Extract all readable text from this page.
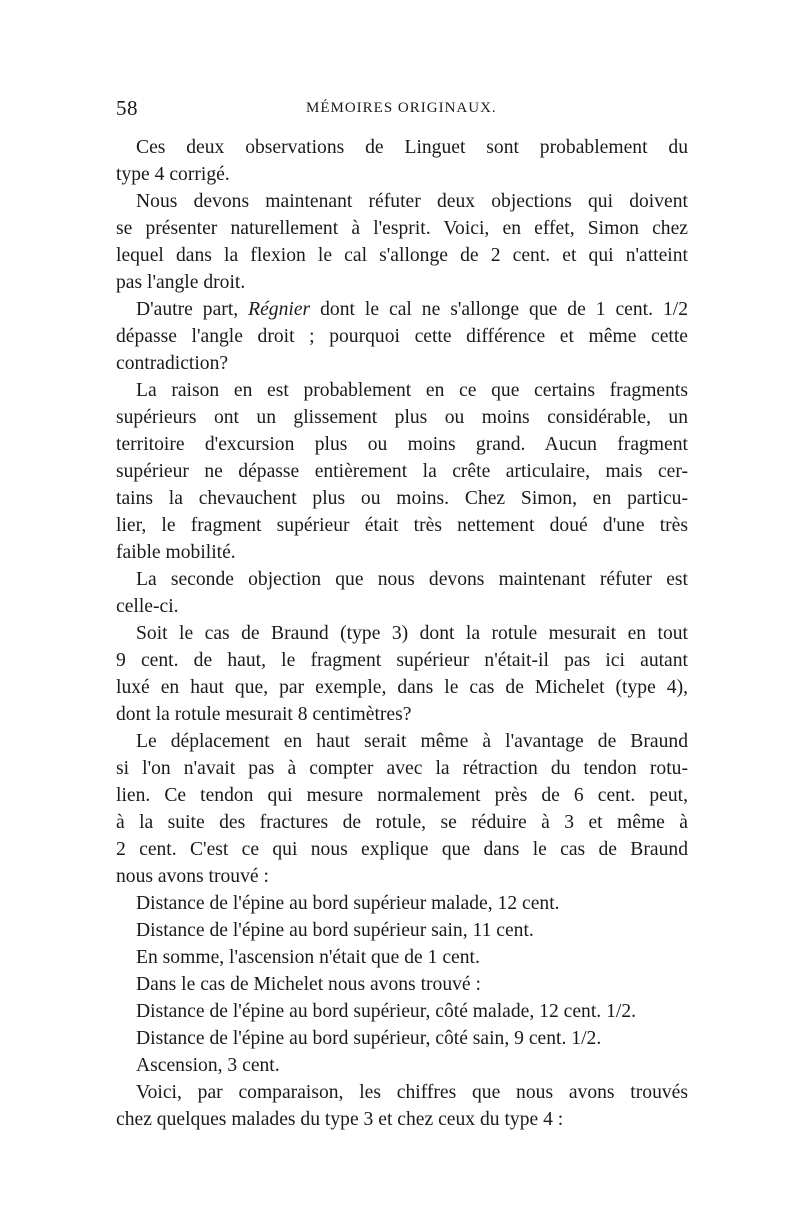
58	MÉMOIRES ORIGINAUX.
Ces deux observations de Linguet sont probablement du
type 4 corrigé.
Nous devons maintenant réfuter deux objections qui doivent
se présenter naturellement à l'esprit. Voici, en effet, Simon chez
lequel dans la flexion le cal s'allonge de 2 cent. et qui n'atteint
pas l'angle droit.
D'autre part, Régnier dont le cal ne s'allonge que de 1 cent. 1/2
dépasse l'angle droit ; pourquoi cette différence et même cette
contradiction?
La raison en est probablement en ce que certains fragments
supérieurs ont un glissement plus ou moins considérable, un
territoire d'excursion plus ou moins grand. Aucun fragment
supérieur ne dépasse entièrement la crête articulaire, mais cer-
tains la chevauchent plus ou moins. Chez Simon, en particu-
lier, le fragment supérieur était très nettement doué d'une très
faible mobilité.
La seconde objection que nous devons maintenant réfuter est
celle-ci.
Soit le cas de Braund (type 3) dont la rotule mesurait en tout
9 cent. de haut, le fragment supérieur n'était-il pas ici autant
luxé en haut que, par exemple, dans le cas de Michelet (type 4),
dont la rotule mesurait 8 centimètres?
Le déplacement en haut serait même à l'avantage de Braund
si l'on n'avait pas à compter avec la rétraction du tendon rotu-
lien. Ce tendon qui mesure normalement près de 6 cent. peut,
à la suite des fractures de rotule, se réduire à 3 et même à
2 cent. C'est ce qui nous explique que dans le cas de Braund
nous avons trouvé :
Distance de l'épine au bord supérieur malade, 12 cent.
Distance de l'épine au bord supérieur sain, 11 cent.
En somme, l'ascension n'était que de 1 cent.
Dans le cas de Michelet nous avons trouvé :
Distance de l'épine au bord supérieur, côté malade, 12 cent. 1/2.
Distance de l'épine au bord supérieur, côté sain, 9 cent. 1/2.
Ascension, 3 cent.
Voici, par comparaison, les chiffres que nous avons trouvés
chez quelques malades du type 3 et chez ceux du type 4 :
